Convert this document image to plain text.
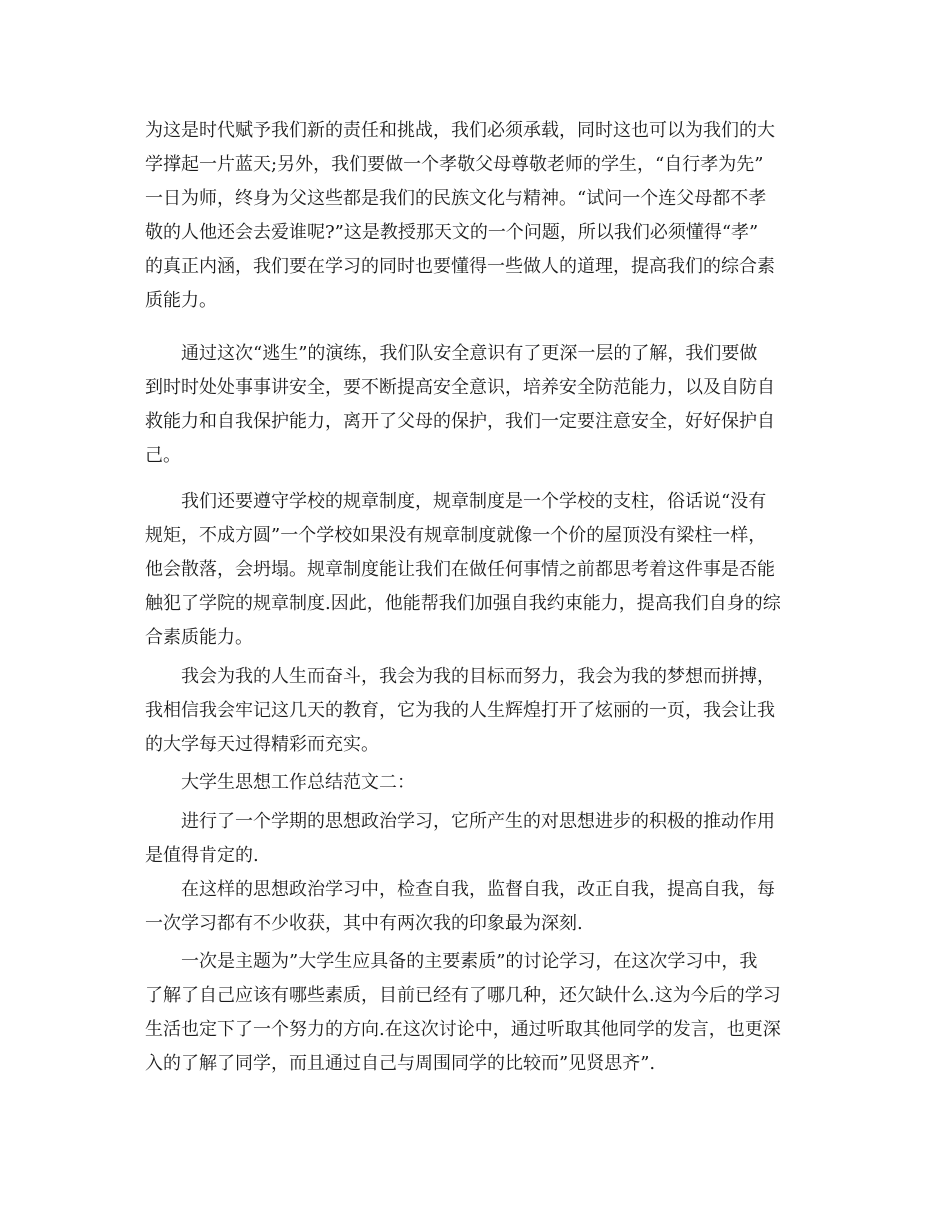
为这是时代赋予我们新的责任和挑战，我们必须承载，同时这也可以为我们的大

学撑起一片蓝天;另外，我们要做一个孝敬父母尊敬老师的学生，“自行孝为先”

一日为师，终身为父这些都是我们的民族文化与精神。“试问一个连父母都不孝

敬的人他还会去爱谁呢?”这是教授那天文的一个问题，所以我们必须懂得“孝”

的真正内涵，我们要在学习的同时也要懂得一些做人的道理，提高我们的综合素

质能力。

通过这次“逃生”的演练，我们队安全意识有了更深一层的了解，我们要做

到时时处处事事讲安全，要不断提高安全意识，培养安全防范能力，以及自防自

救能力和自我保护能力，离开了父母的保护，我们一定要注意安全，好好保护自

己。

我们还要遵守学校的规章制度，规章制度是一个学校的支柱，俗话说“没有

规矩，不成方圆”一个学校如果没有规章制度就像一个价的屋顶没有梁柱一样，

他会散落，会坍塌。规章制度能让我们在做任何事情之前都思考着这件事是否能

触犯了学院的规章制度.因此，他能帮我们加强自我约束能力，提高我们自身的综

合素质能力。

我会为我的人生而奋斗，我会为我的目标而努力，我会为我的梦想而拼搏，

我相信我会牢记这几天的教育，它为我的人生辉煌打开了炫丽的一页，我会让我

的大学每天过得精彩而充实。

大学生思想工作总结范文二：

进行了一个学期的思想政治学习，它所产生的对思想进步的积极的推动作用

是值得肯定的.

在这样的思想政治学习中，检查自我，监督自我，改正自我，提高自我，每

一次学习都有不少收获，其中有两次我的印象最为深刻.

一次是主题为”大学生应具备的主要素质”的讨论学习，在这次学习中，我

了解了自己应该有哪些素质，目前已经有了哪几种，还欠缺什么.这为今后的学习

生活也定下了一个努力的方向.在这次讨论中，通过听取其他同学的发言，也更深

入的了解了同学，而且通过自己与周围同学的比较而”见贤思齐”.
